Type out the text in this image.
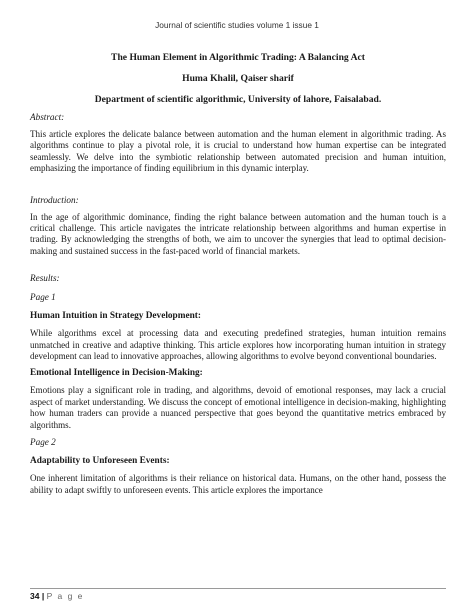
Journal of scientific studies volume 1 issue 1
The Human Element in Algorithmic Trading: A Balancing Act
Huma Khalil, Qaiser sharif
Department of scientific algorithmic, University of lahore, Faisalabad.
Abstract:

This article explores the delicate balance between automation and the human element in algorithmic trading. As algorithms continue to play a pivotal role, it is crucial to understand how human expertise can be integrated seamlessly. We delve into the symbiotic relationship between automated precision and human intuition, emphasizing the importance of finding equilibrium in this dynamic interplay.

Introduction:

In the age of algorithmic dominance, finding the right balance between automation and the human touch is a critical challenge. This article navigates the intricate relationship between algorithms and human expertise in trading. By acknowledging the strengths of both, we aim to uncover the synergies that lead to optimal decision-making and sustained success in the fast-paced world of financial markets.

Results:
Page 1
Human Intuition in Strategy Development:

While algorithms excel at processing data and executing predefined strategies, human intuition remains unmatched in creative and adaptive thinking. This article explores how incorporating human intuition in strategy development can lead to innovative approaches, allowing algorithms to evolve beyond conventional boundaries.

Emotional Intelligence in Decision-Making:

Emotions play a significant role in trading, and algorithms, devoid of emotional responses, may lack a crucial aspect of market understanding. We discuss the concept of emotional intelligence in decision-making, highlighting how human traders can provide a nuanced perspective that goes beyond the quantitative metrics embraced by algorithms.

Page 2
Adaptability to Unforeseen Events:

One inherent limitation of algorithms is their reliance on historical data. Humans, on the other hand, possess the ability to adapt swiftly to unforeseen events. This article explores the importance

34 | P a g e
